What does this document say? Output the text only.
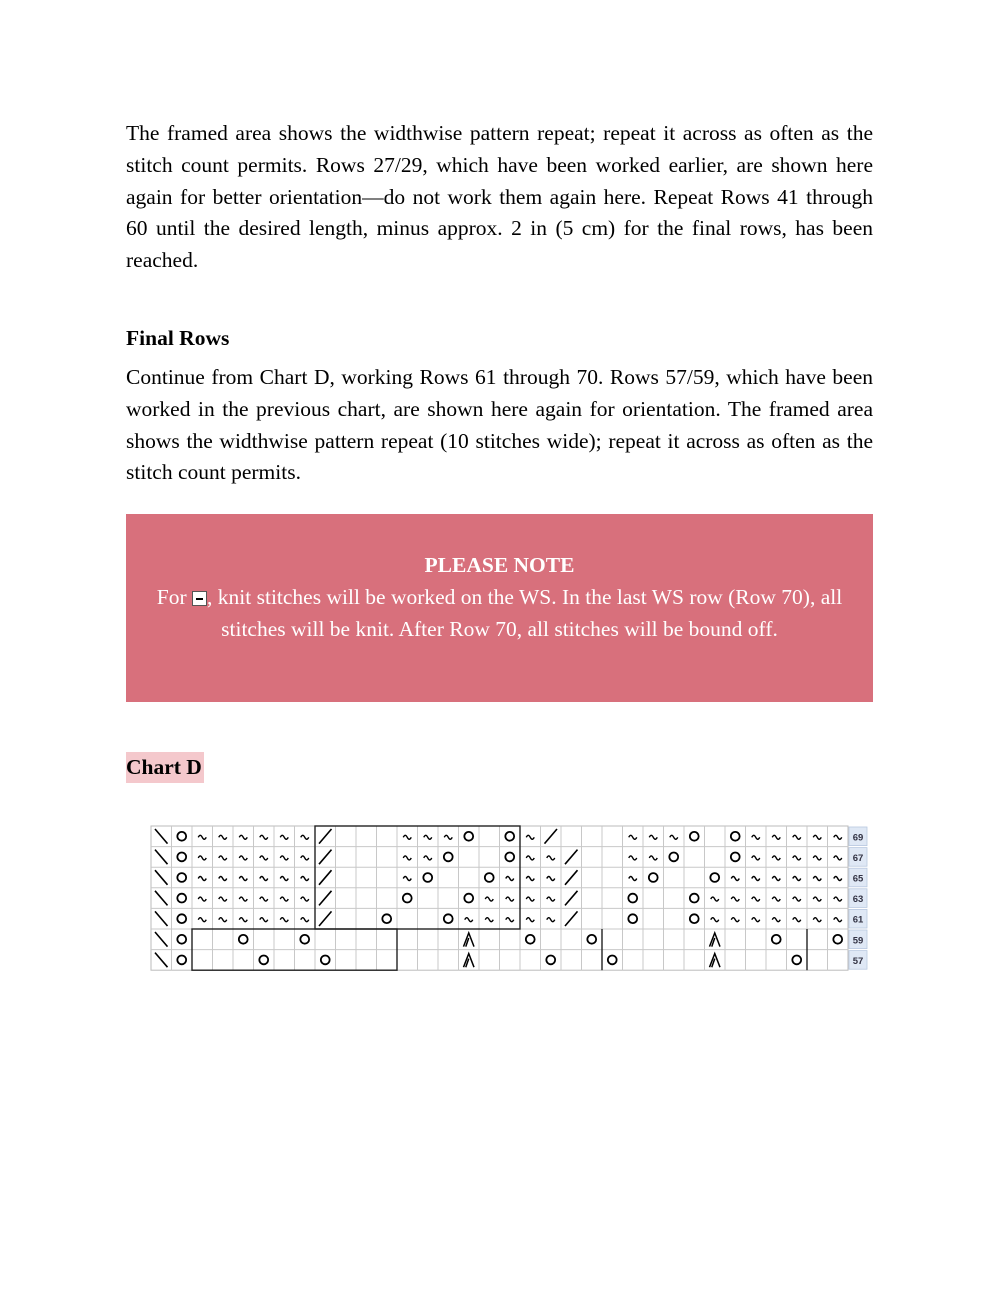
The framed area shows the widthwise pattern repeat; repeat it across as often as the stitch count permits. Rows 27/29, which have been worked earlier, are shown here again for better orientation—do not work them again here. Repeat Rows 41 through 60 until the desired length, minus approx. 2 in (5 cm) for the final rows, has been reached.

Final Rows

Continue from Chart D, working Rows 61 through 70. Rows 57/59, which have been worked in the previous chart, are shown here again for orientation. The framed area shows the widthwise pattern repeat (10 stitches wide); repeat it across as often as the stitch count permits.

PLEASE NOTE
For , knit stitches will be worked on the WS. In the last WS row (Row 70), all stitches will be knit. After Row 70, all stitches will be bound off.
Chart D
69
67
65
63
61
59
57
